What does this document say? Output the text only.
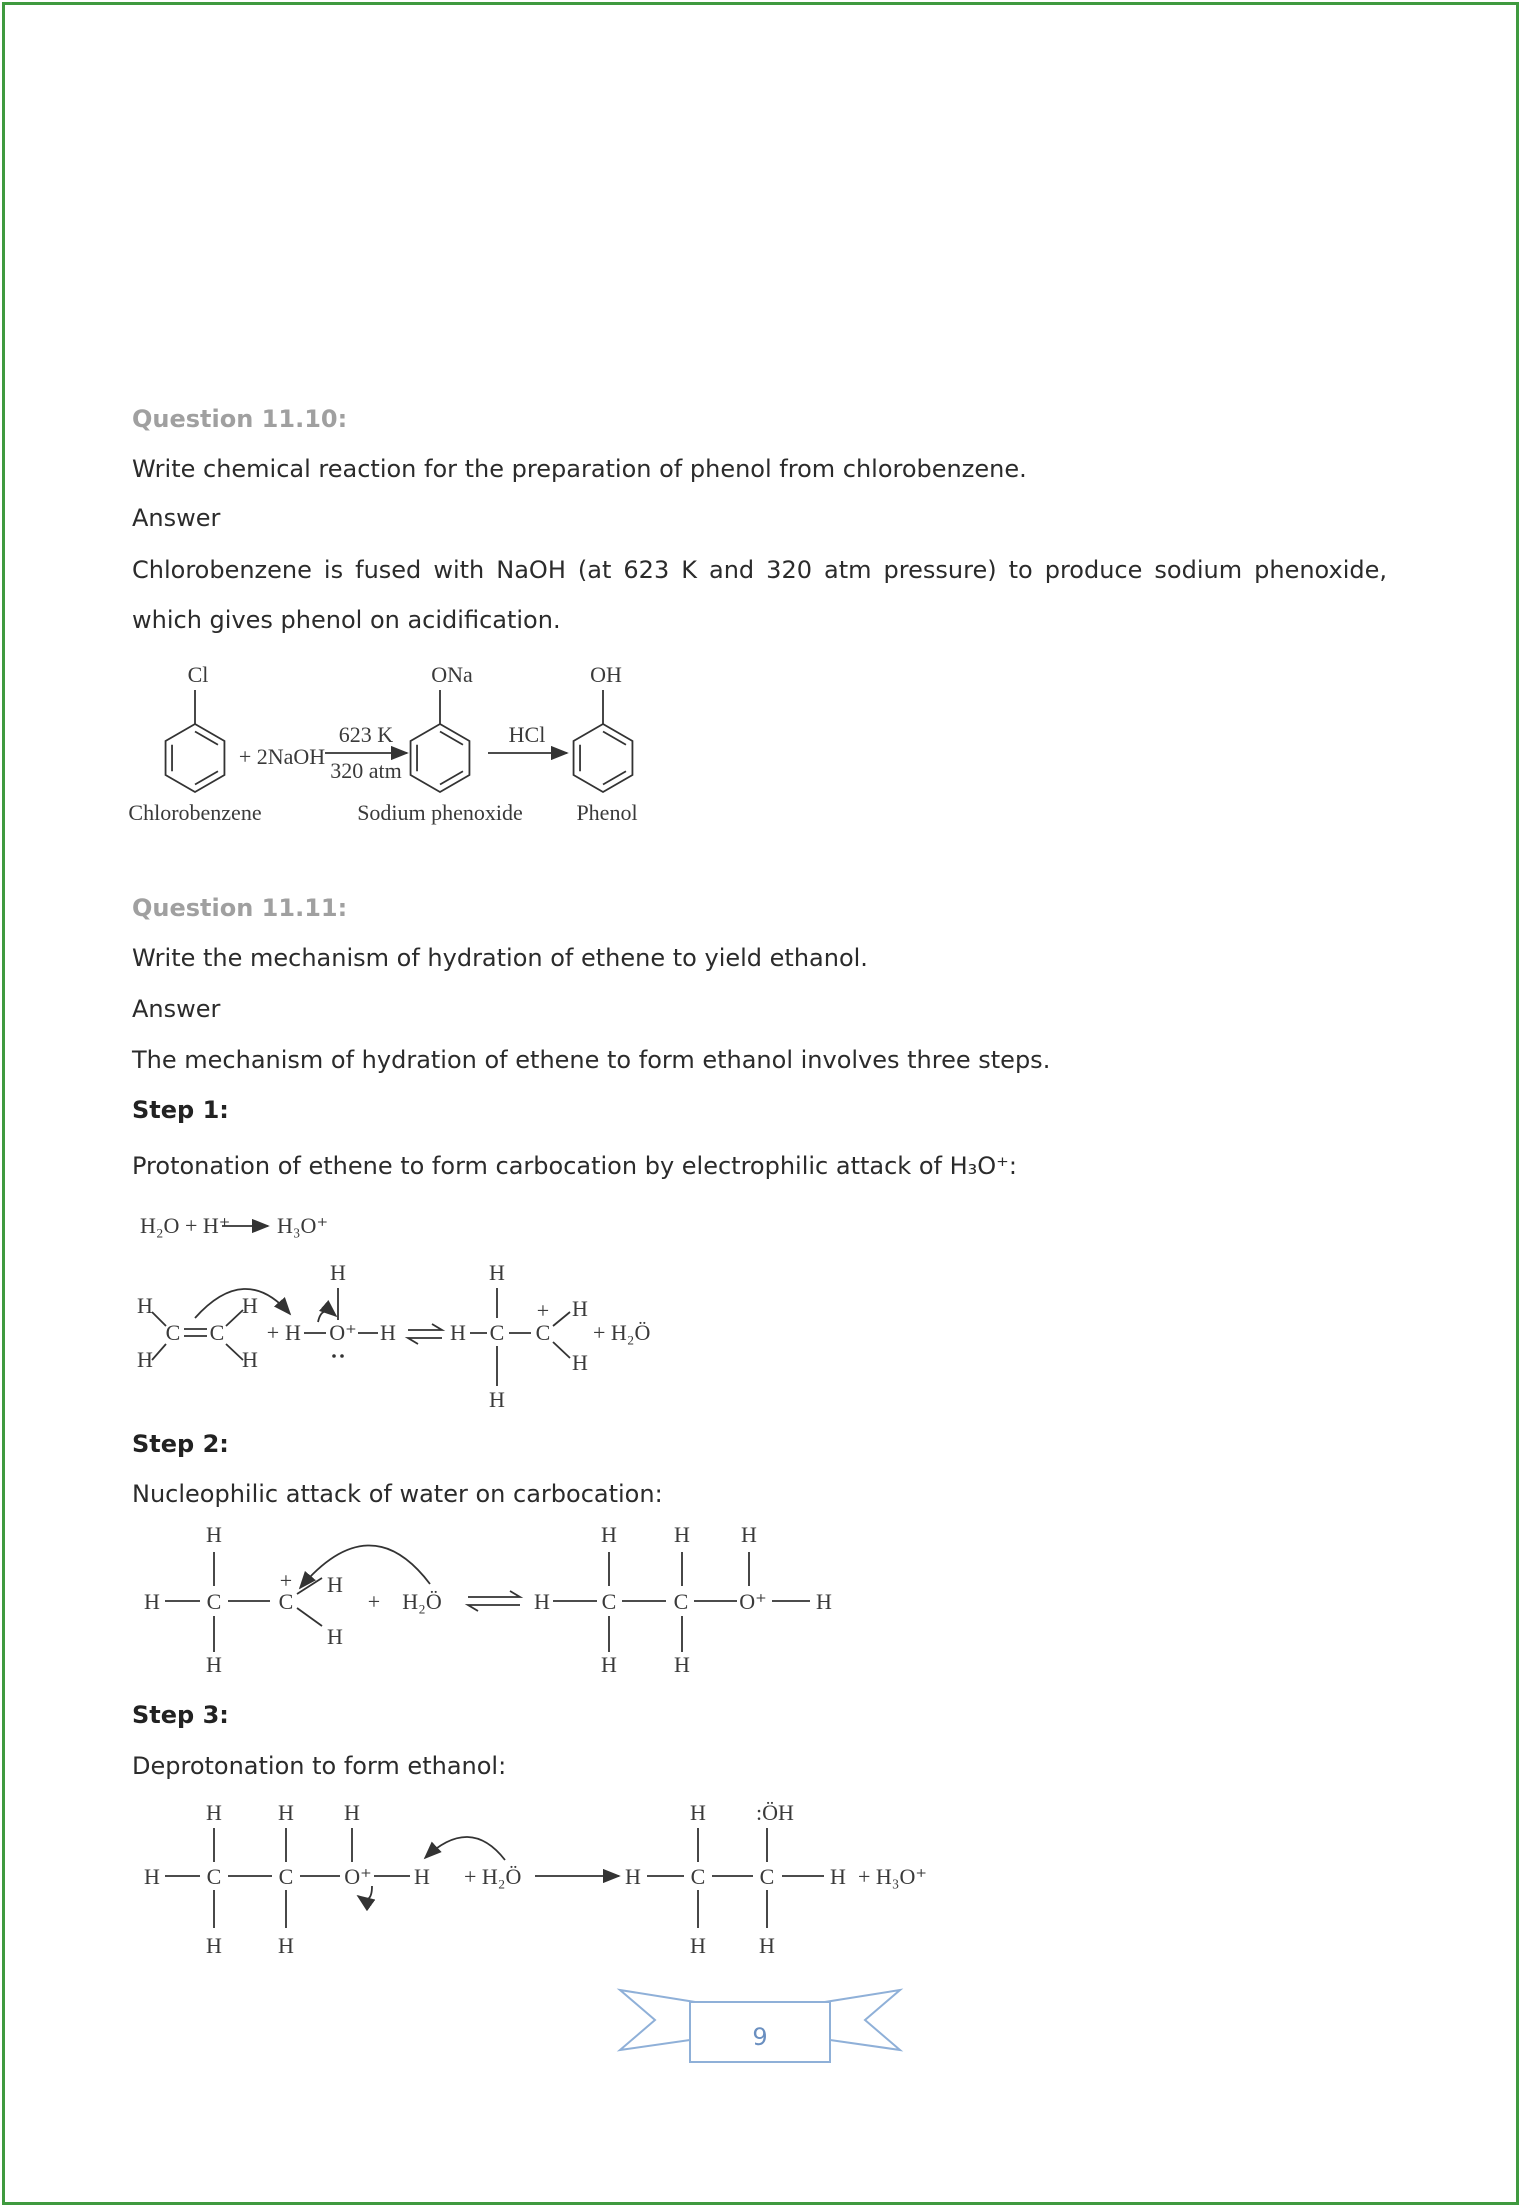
Question 11.10:
Write chemical reaction for the preparation of phenol from chlorobenzene.
Answer
Chlorobenzene is fused with NaOH (at 623 K and 320 atm pressure) to produce sodium phenoxide, which gives phenol on acidification.
Question 11.11:
Write the mechanism of hydration of ethene to yield ethanol.
Answer
The mechanism of hydration of ethene to form ethanol involves three steps.
Step 1:
Protonation of ethene to form carbocation by electrophilic attack of H₃O⁺:
Step 2:
Nucleophilic attack of water on carbocation:
Step 3:
Deprotonation to form ethanol:
9
Cl	ONa	OH
+ 2NaOH
623 K
320 atm
HCl
Chlorobenzene	Sodium phenoxide Phenol
H₂O + H⁺ H₃O⁺
H
H
H
H
H
H
H H
H
H
H
H
C C	C C
+ O⁺
+
+ H₂Ö
H	H	H
H	H	H H
H	H	H
H
H
C	C	C	C
+
+ H₂Ö	O⁺
H	H	H	H
H	H H	H
H	H	H H
C	C	C C
O⁺	+ H₂Ö	+ H₃O⁺
:ÖH
